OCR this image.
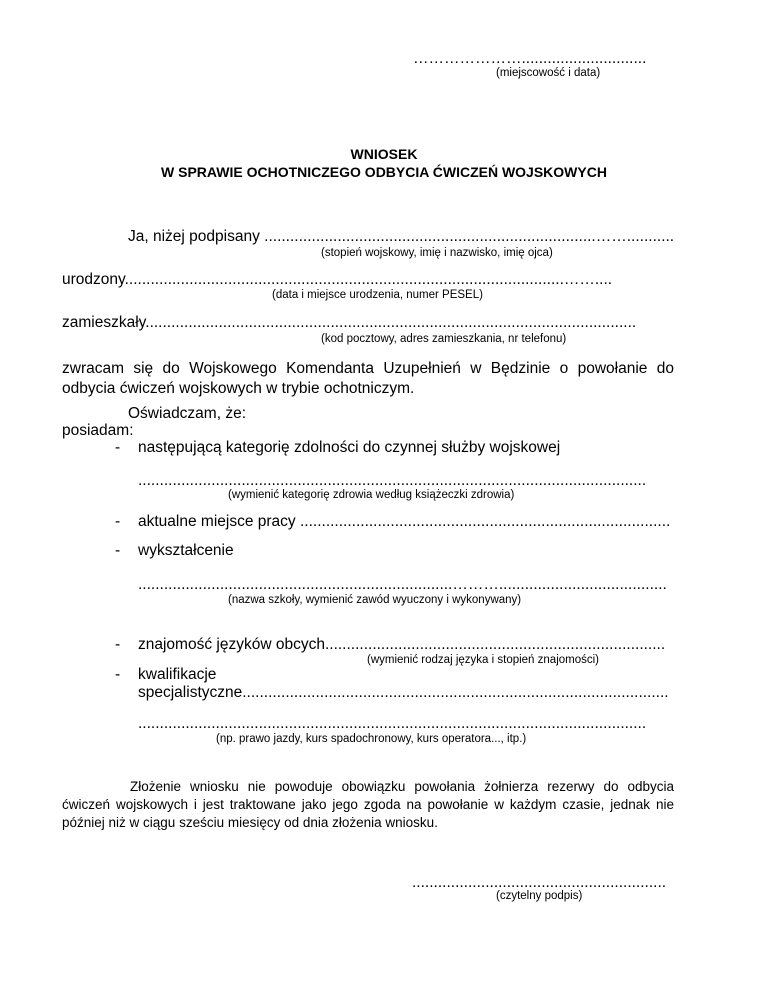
………………….............................
(miejscowość i data)
WNIOSEK
W SPRAWIE OCHOTNICZEGO ODBYCIA ĆWICZEŃ WOJSKOWYCH
Ja, niżej podpisany .............................................................................……...........
(stopień wojskowy, imię i nazwisko, imię ojca)
urodzony......................................................................................................……....
(data i miejsce urodzenia, numer PESEL)
zamieszkały..................................................................................................................
(kod pocztowy, adres zamieszkania, nr telefonu)
zwracam się do Wojskowego Komendanta Uzupełnień w Będzinie o powołanie do odbycia ćwiczeń wojskowych w trybie ochotniczym.
Oświadczam, że:
posiadam:
- następującą kategorię zdolności do czynnej służby wojskowej
......................................................................................................................
(wymienić kategorię zdrowia według książeczki zdrowia)
- aktualne miejsce pracy ......................................................................................
- wykształcenie
.........................................................................……….......................................
(nazwa szkoły, wymienić zawód wyuczony i wykonywany)
- znajomość języków obcych...............................................................................
(wymienić rodzaj języka i stopień znajomości)
- kwalifikacje
specjalistyczne...................................................................................................
......................................................................................................................
(np. prawo jazdy, kurs spadochronowy, kurs operatora..., itp.)
Złożenie wniosku nie powoduje obowiązku powołania żołnierza rezerwy do odbycia ćwiczeń wojskowych i jest traktowane jako jego zgoda na powołanie w każdym czasie, jednak nie później niż w ciągu sześciu miesięcy od dnia złożenia wniosku.
...........................................................
(czytelny podpis)
